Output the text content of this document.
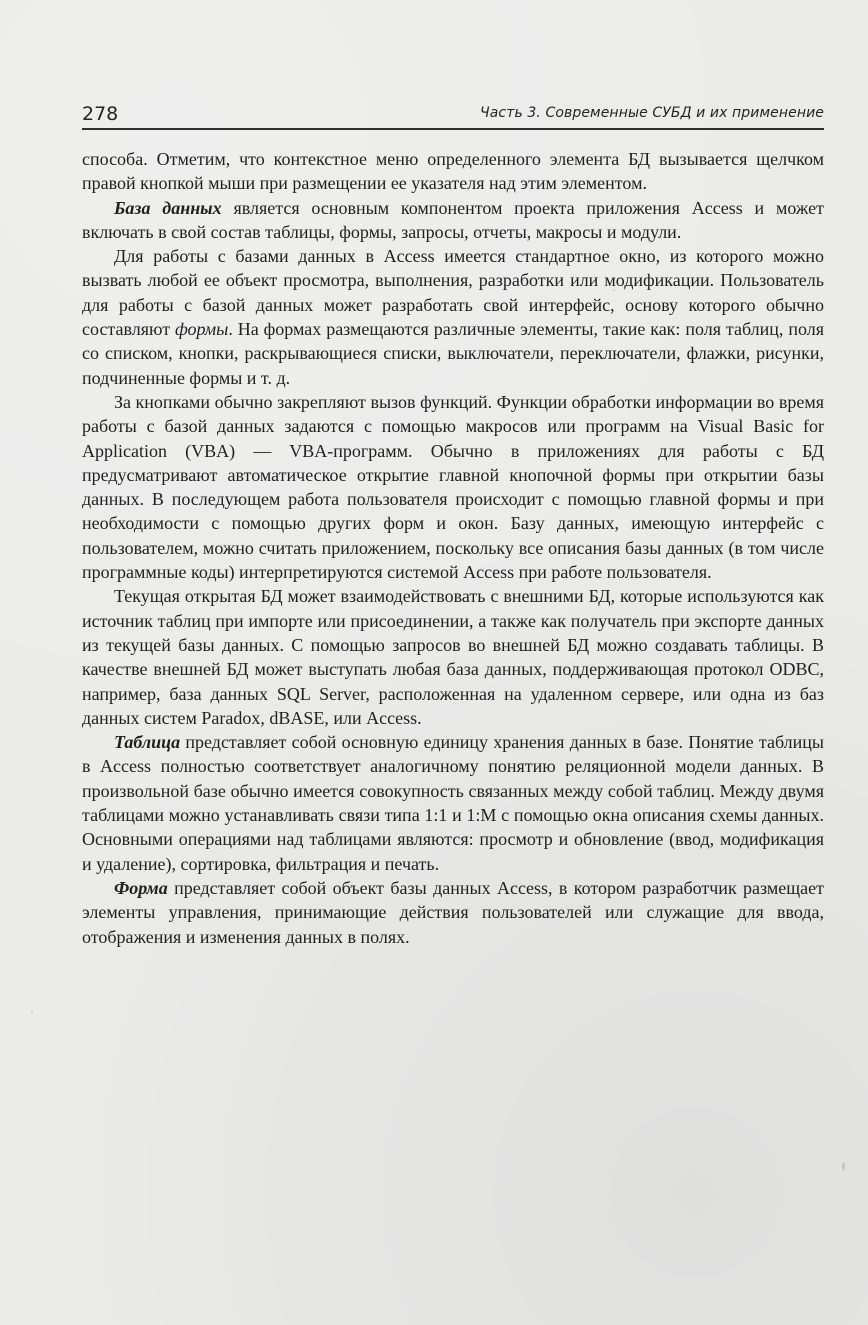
278	Часть 3. Современные СУБД и их применение

способа. Отметим, что контекстное меню определенного элемента БД вызывается щелчком правой кнопкой мыши при размещении ее указателя над этим элементом.

База данных является основным компонентом проекта приложения Access и может включать в свой состав таблицы, формы, запросы, отчеты, макросы и модули.

Для работы с базами данных в Access имеется стандартное окно, из которого можно вызвать любой ее объект просмотра, выполнения, разработки или модификации. Пользователь для работы с базой данных может разработать свой интерфейс, основу которого обычно составляют формы. На формах размещаются различные элементы, такие как: поля таблиц, поля со списком, кнопки, раскрывающиеся списки, выключатели, переключатели, флажки, рисунки, подчиненные формы и т. д.

За кнопками обычно закрепляют вызов функций. Функции обработки информации во время работы с базой данных задаются с помощью макросов или программ на Visual Basic for Application (VBA) — VBA-программ. Обычно в приложениях для работы с БД предусматривают автоматическое открытие главной кнопочной формы при открытии базы данных. В последующем работа пользователя происходит с помощью главной формы и при необходимости с помощью других форм и окон. Базу данных, имеющую интерфейс с пользователем, можно считать приложением, поскольку все описания базы данных (в том числе программные коды) интерпретируются системой Access при работе пользователя.

Текущая открытая БД может взаимодействовать с внешними БД, которые используются как источник таблиц при импорте или присоединении, а также как получатель при экспорте данных из текущей базы данных. С помощью запросов во внешней БД можно создавать таблицы. В качестве внешней БД может выступать любая база данных, поддерживающая протокол ODBC, например, база данных SQL Server, расположенная на удаленном сервере, или одна из баз данных систем Paradox, dBASE, или Access.

Таблица представляет собой основную единицу хранения данных в базе. Понятие таблицы в Access полностью соответствует аналогичному понятию реляционной модели данных. В произвольной базе обычно имеется совокупность связанных между собой таблиц. Между двумя таблицами можно устанавливать связи типа 1:1 и 1:М с помощью окна описания схемы данных. Основными операциями над таблицами являются: просмотр и обновление (ввод, модификация и удаление), сортировка, фильтрация и печать.

Форма представляет собой объект базы данных Access, в котором разработчик размещает элементы управления, принимающие действия пользователей или служащие для ввода, отображения и изменения данных в полях.
